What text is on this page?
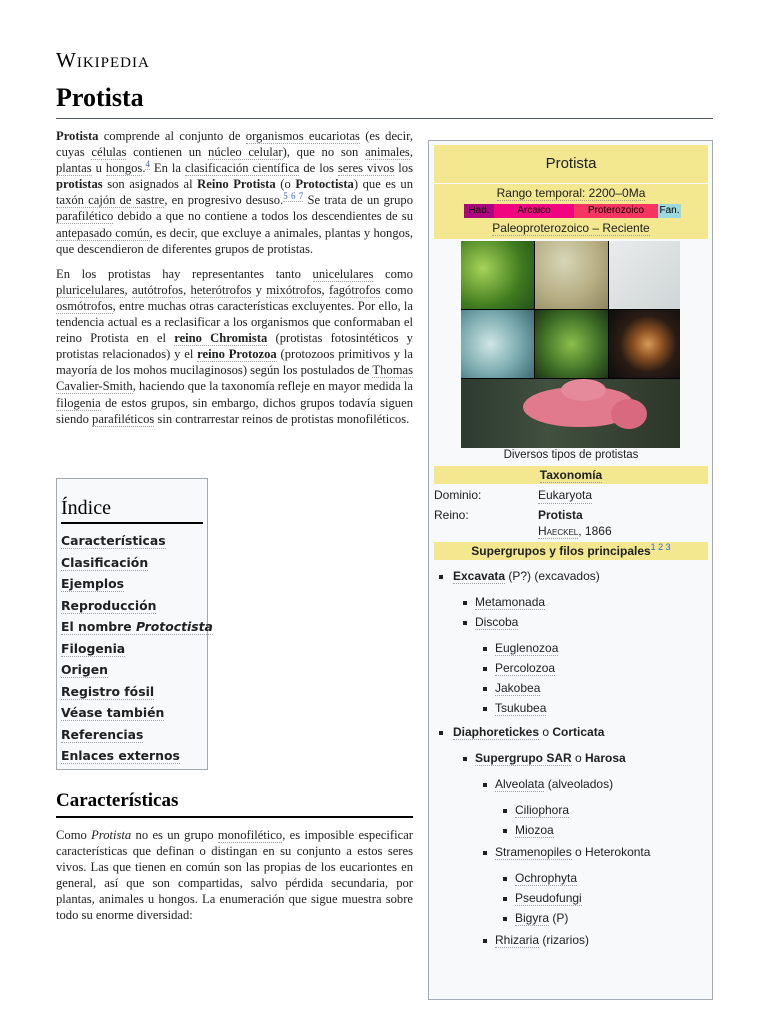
Wikipedia
Protista

Protista comprende al conjunto de organismos eucariotas (es decir, cuyas células contienen un núcleo celular), que no son animales, plantas u hongos.$^4$ En la clasificación científica de los seres vivos los protistas son asignados al Reino Protista (o Protoctista) que es un taxón cajón de sastre, en progresivo desuso.$^{5 6 7}$ Se trata de un grupo parafilético debido a que no contiene a todos los descendientes de su antepasado común, es decir, que excluye a animales, plantas y hongos, que descendieron de diferentes grupos de protistas.

En los protistas hay representantes tanto unicelulares como pluricelulares, autótrofos, heterótrofos y mixótrofos, fagótrofos como osmótrofos, entre muchas otras características excluyentes. Por ello, la tendencia actual es a reclasificar a los organismos que conformaban el reino Protista en el reino Chromista (protistas fotosintéticos y protistas relacionados) y el reino Protozoa (protozoos primitivos y la mayoría de los mohos mucilaginosos) según los postulados de Thomas Cavalier-Smith, haciendo que la taxonomía refleje en mayor medida la filogenia de estos grupos, sin embargo, dichos grupos todavía siguen siendo parafiléticos sin contrarrestar reinos de protistas monofiléticos.

Índice
Características
Clasificación
Ejemplos
Reproducción
El nombre Protoctista
Filogenia
Origen
Registro fósil
Véase también
Referencias
Enlaces externos
Características
Como Protista no es un grupo monofilético, es imposible especificar características que definan o distingan en su conjunto a estos seres vivos. Las que tienen en común son las propias de los eucariontes en general, así que son compartidas, salvo pérdida secundaria, por plantas, animales u hongos. La enumeración que sigue muestra sobre todo su enorme diversidad:
Protista
Rango temporal: 2200–0Ma
Had.	Arcaico	Proterozoico	Fan.
Paleoproterozoico – Reciente
Diversos tipos de protistas
Taxonomía
Dominio:	Eukaryota
Reino:	Protista
Haeckel, 1866
Supergrupos y filos principales$^{1 2 3}$
Excavata (P?) (excavados)
Metamonada
Discoba
Euglenozoa
Percolozoa
Jakobea
Tsukubea
Diaphoretickes o Corticata
Supergrupo SAR o Harosa
Alveolata (alveolados)
Ciliophora
Miozoa
Stramenopiles o Heterokonta
Ochrophyta
Pseudofungi
Bigyra (P)
Rhizaria (rizarios)
